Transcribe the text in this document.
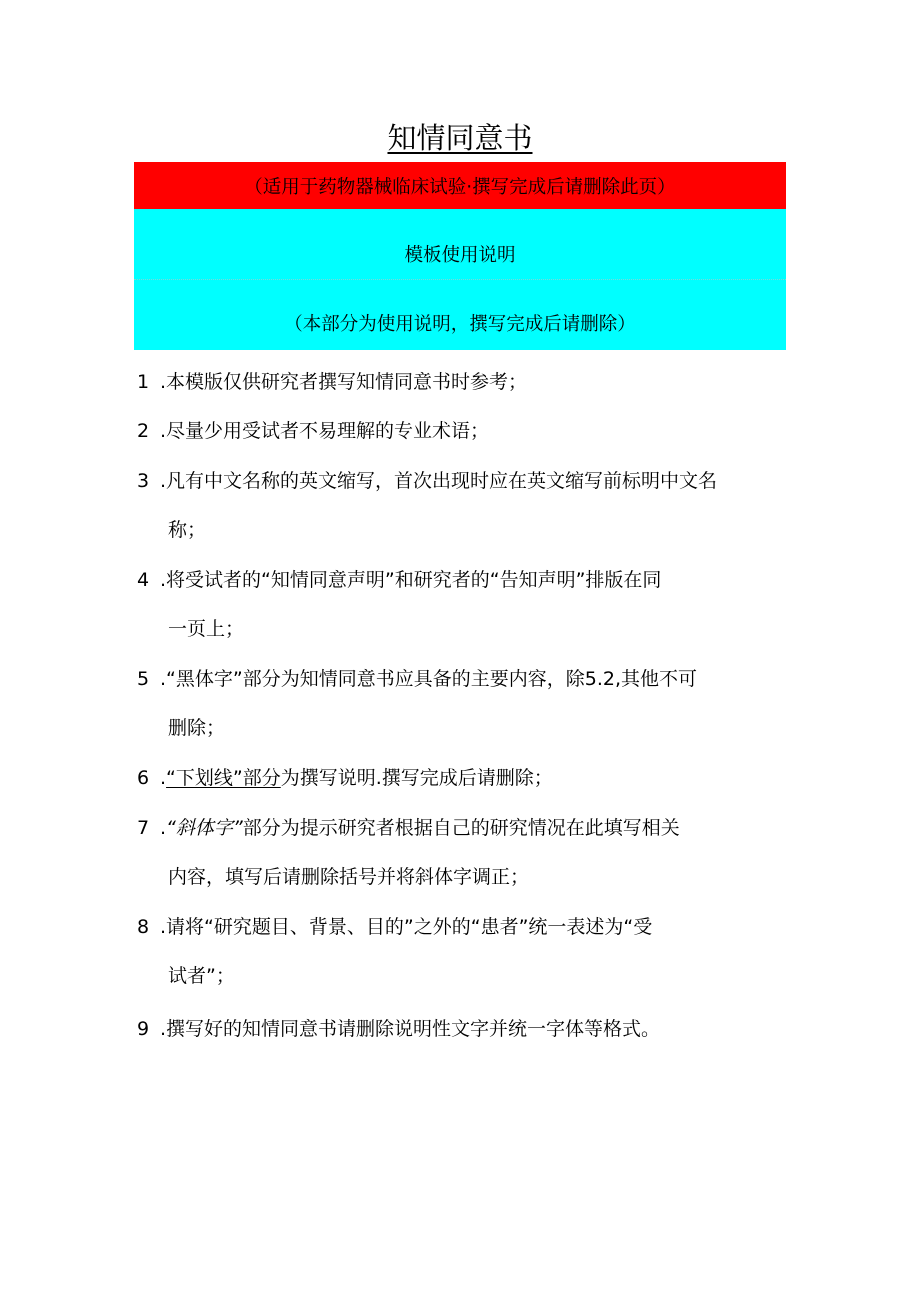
知情同意书
（适用于药物器械临床试验·撰写完成后请删除此页）
模板使用说明
（本部分为使用说明，撰写完成后请删除）
1 .本模版仅供研究者撰写知情同意书时参考；
2 .尽量少用受试者不易理解的专业术语；
3 .凡有中文名称的英文缩写，首次出现时应在英文缩写前标明中文名
称；
4 .将受试者的“知情同意声明”和研究者的“告知声明”排版在同
一页上；
5 .“黑体字”部分为知情同意书应具备的主要内容，除5.2,其他不可
删除；
6 .“下划线”部分为撰写说明.撰写完成后请删除；
7 .“斜体字”部分为提示研究者根据自己的研究情况在此填写相关
内容，填写后请删除括号并将斜体字调正；
8 .请将“研究题目、背景、目的”之外的“患者”统一表述为“受
试者”；
9 .撰写好的知情同意书请删除说明性文字并统一字体等格式。
